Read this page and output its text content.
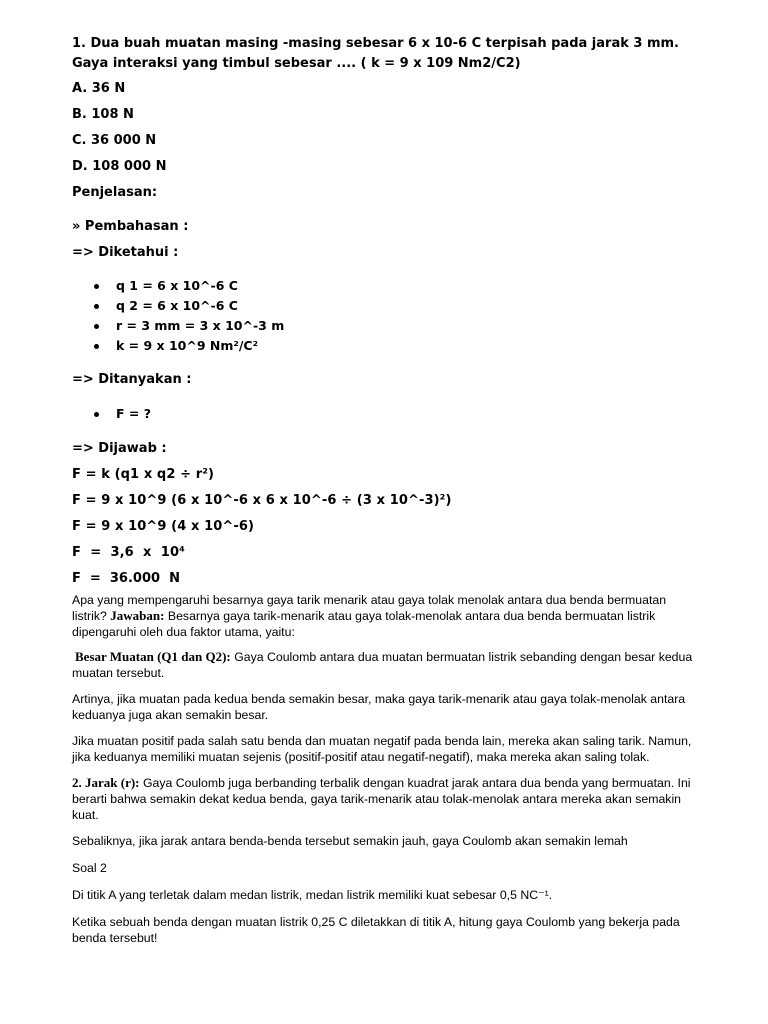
1. Dua buah muatan masing -masing sebesar 6 x 10-6 C terpisah pada jarak 3 mm. Gaya interaksi yang timbul sebesar .... ( k = 9 x 109 Nm2/C2)

A. 36 N

B. 108 N

C. 36 000 N

D. 108 000 N

Penjelasan:

» Pembahasan :

=> Diketahui :

q 1 = 6 x 10^-6 C
q 2 = 6 x 10^-6 C
r = 3 mm = 3 x 10^-3 m
k = 9 x 10^9 Nm²/C²

=> Ditanyakan :

F = ?

=> Dijawab :

F = k (q1 x q2 ÷ r²)

F = 9 x 10^9 (6 x 10^-6 x 6 x 10^-6 ÷ (3 x 10^-3)²)

F = 9 x 10^9 (4 x 10^-6)

F  =  3,6  x  10⁴

F  =  36.000  N

Apa yang mempengaruhi besarnya gaya tarik menarik atau gaya tolak menolak antara dua benda bermuatan listrik? Jawaban: Besarnya gaya tarik-menarik atau gaya tolak-menolak antara dua benda bermuatan listrik dipengaruhi oleh dua faktor utama, yaitu:

Besar Muatan (Q1 dan Q2): Gaya Coulomb antara dua muatan bermuatan listrik sebanding dengan besar kedua muatan tersebut.

Artinya, jika muatan pada kedua benda semakin besar, maka gaya tarik-menarik atau gaya tolak-menolak antara keduanya juga akan semakin besar.

Jika muatan positif pada salah satu benda dan muatan negatif pada benda lain, mereka akan saling tarik. Namun, jika keduanya memiliki muatan sejenis (positif-positif atau negatif-negatif), maka mereka akan saling tolak.

2. Jarak (r): Gaya Coulomb juga berbanding terbalik dengan kuadrat jarak antara dua benda yang bermuatan. Ini berarti bahwa semakin dekat kedua benda, gaya tarik-menarik atau tolak-menolak antara mereka akan semakin kuat.

Sebaliknya, jika jarak antara benda-benda tersebut semakin jauh, gaya Coulomb akan semakin lemah

Soal 2

Di titik A yang terletak dalam medan listrik, medan listrik memiliki kuat sebesar 0,5 NC⁻¹.

Ketika sebuah benda dengan muatan listrik 0,25 C diletakkan di titik A, hitung gaya Coulomb yang bekerja pada benda tersebut!
